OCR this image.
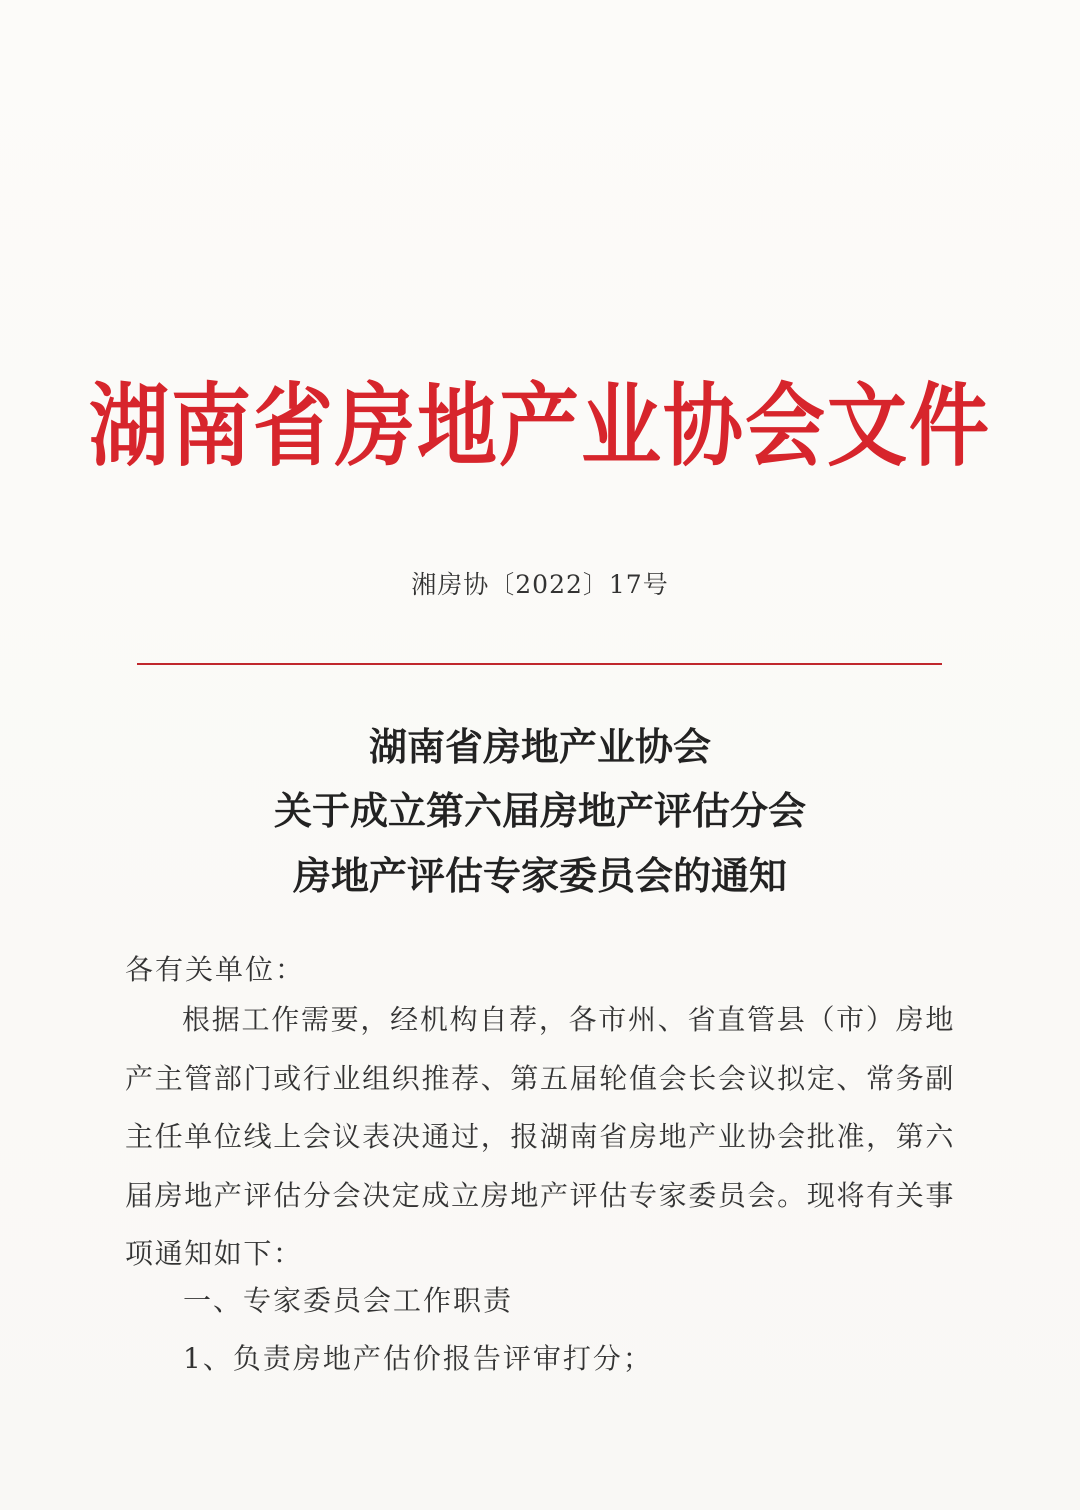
湖南省房地产业协会文件
湘房协〔2022〕17号
湖南省房地产业协会
关于成立第六届房地产评估分会
房地产评估专家委员会的通知
各有关单位：
根据工作需要，经机构自荐，各市州、省直管县（市）房地产主管部门或行业组织推荐、第五届轮值会长会议拟定、常务副主任单位线上会议表决通过，报湖南省房地产业协会批准，第六届房地产评估分会决定成立房地产评估专家委员会。现将有关事项通知如下：
一、专家委员会工作职责
1、负责房地产估价报告评审打分；
